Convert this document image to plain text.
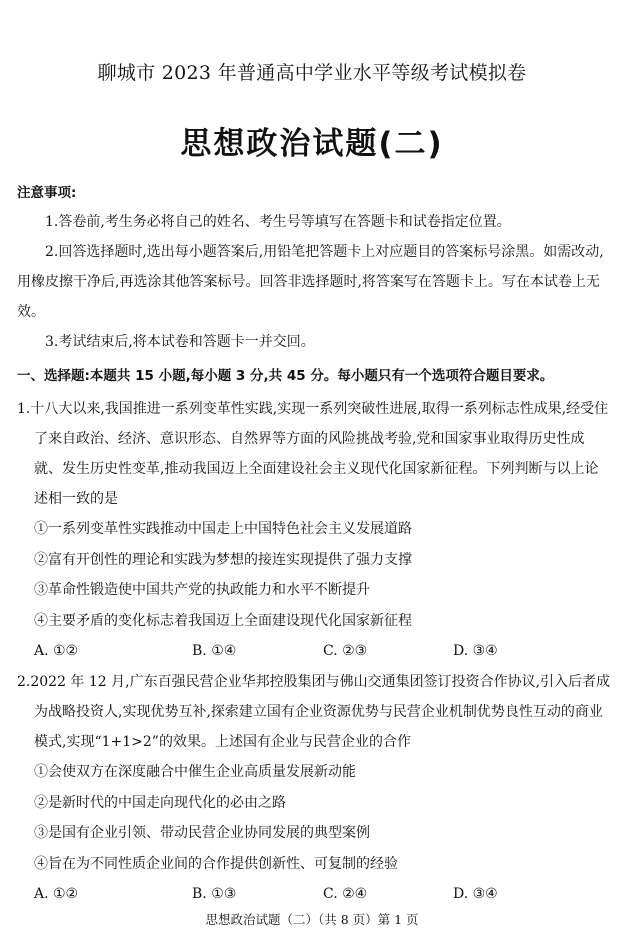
聊城市 2023 年普通高中学业水平等级考试模拟卷
思想政治试题(二)
注意事项:
1.答卷前,考生务必将自己的姓名、考生号等填写在答题卡和试卷指定位置。
2.回答选择题时,选出每小题答案后,用铅笔把答题卡上对应题目的答案标号涂黑。如需改动,用橡皮擦干净后,再选涂其他答案标号。回答非选择题时,将答案写在答题卡上。写在本试卷上无效。
3.考试结束后,将本试卷和答题卡一并交回。
一、选择题:本题共 15 小题,每小题 3 分,共 45 分。每小题只有一个选项符合题目要求。
1.十八大以来,我国推进一系列变革性实践,实现一系列突破性进展,取得一系列标志性成果,经受住了来自政治、经济、意识形态、自然界等方面的风险挑战考验,党和国家事业取得历史性成就、发生历史性变革,推动我国迈上全面建设社会主义现代化国家新征程。下列判断与以上论述相一致的是
①一系列变革性实践推动中国走上中国特色社会主义发展道路
②富有开创性的理论和实践为梦想的接连实现提供了强力支撑
③革命性锻造使中国共产党的执政能力和水平不断提升
④主要矛盾的变化标志着我国迈上全面建设现代化国家新征程
A. ①②	B. ①④	C. ②③	D. ③④
2.2022 年 12 月,广东百强民营企业华邦控股集团与佛山交通集团签订投资合作协议,引入后者成为战略投资人,实现优势互补,探索建立国有企业资源优势与民营企业机制优势良性互动的商业模式,实现“1+1>2”的效果。上述国有企业与民营企业的合作
①会使双方在深度融合中催生企业高质量发展新动能
②是新时代的中国走向现代化的必由之路
③是国有企业引领、带动民营企业协同发展的典型案例
④旨在为不同性质企业间的合作提供创新性、可复制的经验
A. ①②	B. ①③	C. ②④	D. ③④
思想政治试题（二）（共 8 页）第 1 页
